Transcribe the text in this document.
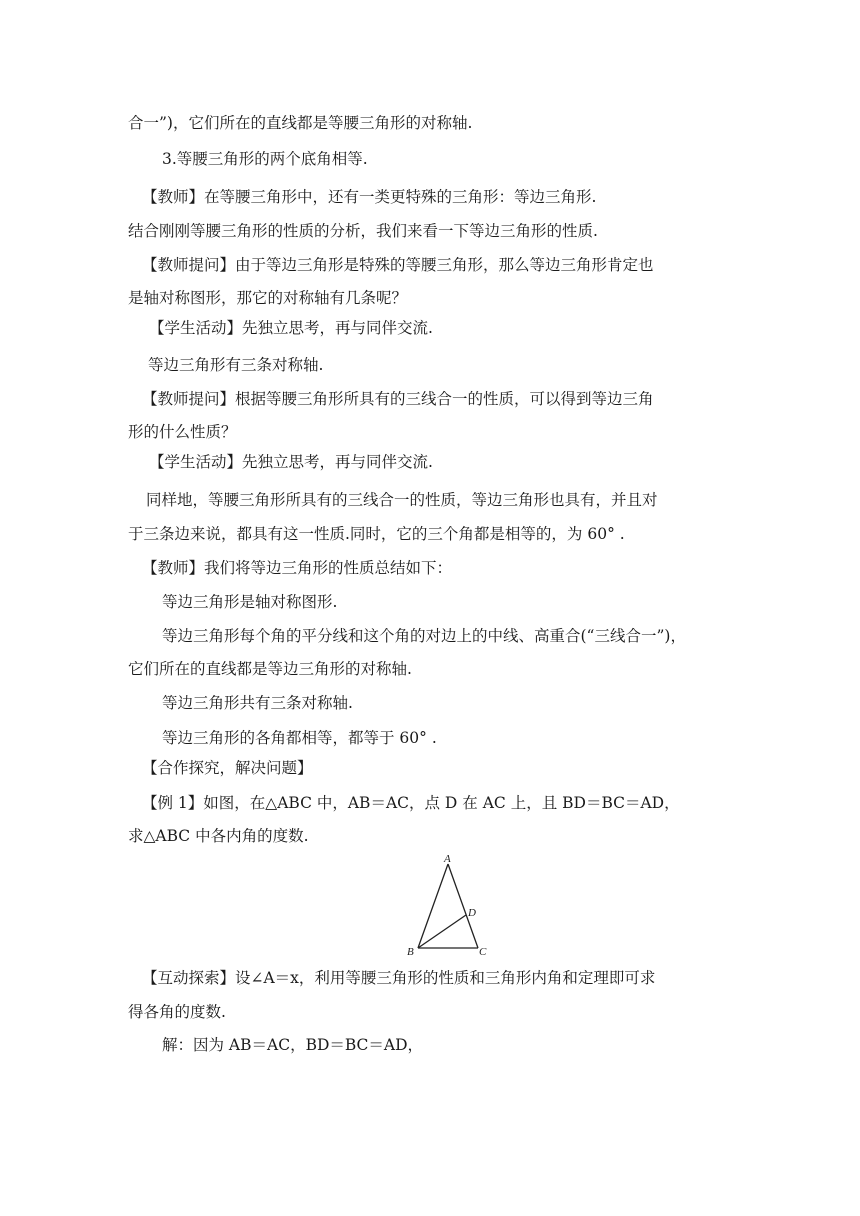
合一”)，它们所在的直线都是等腰三角形的对称轴.
3.等腰三角形的两个底角相等.
【教师】在等腰三角形中，还有一类更特殊的三角形：等边三角形.
结合刚刚等腰三角形的性质的分析，我们来看一下等边三角形的性质.
【教师提问】由于等边三角形是特殊的等腰三角形，那么等边三角形肯定也
是轴对称图形，那它的对称轴有几条呢？
【学生活动】先独立思考，再与同伴交流.
等边三角形有三条对称轴.
【教师提问】根据等腰三角形所具有的三线合一的性质，可以得到等边三角
形的什么性质？
【学生活动】先独立思考，再与同伴交流.
同样地，等腰三角形所具有的三线合一的性质，等边三角形也具有，并且对
于三条边来说，都具有这一性质.同时，它的三个角都是相等的，为 60° .
【教师】我们将等边三角形的性质总结如下：
等边三角形是轴对称图形.
等边三角形每个角的平分线和这个角的对边上的中线、高重合(“三线合一”)，
它们所在的直线都是等边三角形的对称轴.
等边三角形共有三条对称轴.
等边三角形的各角都相等，都等于 60° .
【合作探究，解决问题】
【例 1】如图，在△ABC 中，AB＝AC，点 D 在 AC 上，且 BD＝BC＝AD，
求△ABC 中各内角的度数.
A
D
B	C
【互动探索】设∠A＝x，利用等腰三角形的性质和三角形内角和定理即可求
得各角的度数.
解：因为 AB＝AC，BD＝BC＝AD，
